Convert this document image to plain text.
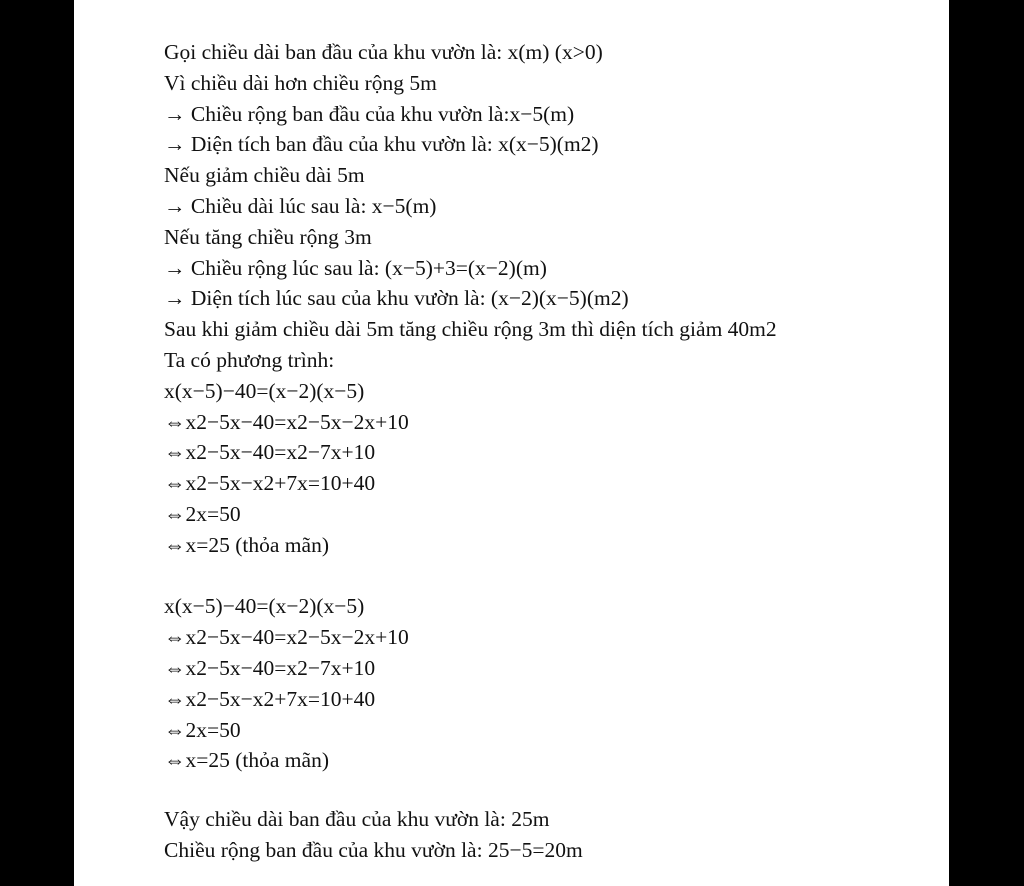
Gọi chiều dài ban đầu của khu vườn là: x(m) (x>0)
Vì chiều dài hơn chiều rộng 5m
→ Chiều rộng ban đầu của khu vườn là:x−5(m)
→ Diện tích ban đầu của khu vườn là: x(x−5)(m2)
Nếu giảm chiều dài 5m
→ Chiều dài lúc sau là: x−5(m)
Nếu tăng chiều rộng 3m
→ Chiều rộng lúc sau là: (x−5)+3=(x−2)(m)
→ Diện tích lúc sau của khu vườn là: (x−2)(x−5)(m2)
Sau khi giảm chiều dài 5m tăng chiều rộng 3m thì diện tích giảm 40m2
Ta có phương trình:
x(x−5)−40=(x−2)(x−5)
⇔x2−5x−40=x2−5x−2x+10
⇔x2−5x−40=x2−7x+10
⇔x2−5x−x2+7x=10+40
⇔2x=50
⇔x=25 (thỏa mãn)
x(x−5)−40=(x−2)(x−5)
⇔x2−5x−40=x2−5x−2x+10
⇔x2−5x−40=x2−7x+10
⇔x2−5x−x2+7x=10+40
⇔2x=50
⇔x=25 (thỏa mãn)
Vậy chiều dài ban đầu của khu vườn là: 25m
Chiều rộng ban đầu của khu vườn là: 25−5=20m
